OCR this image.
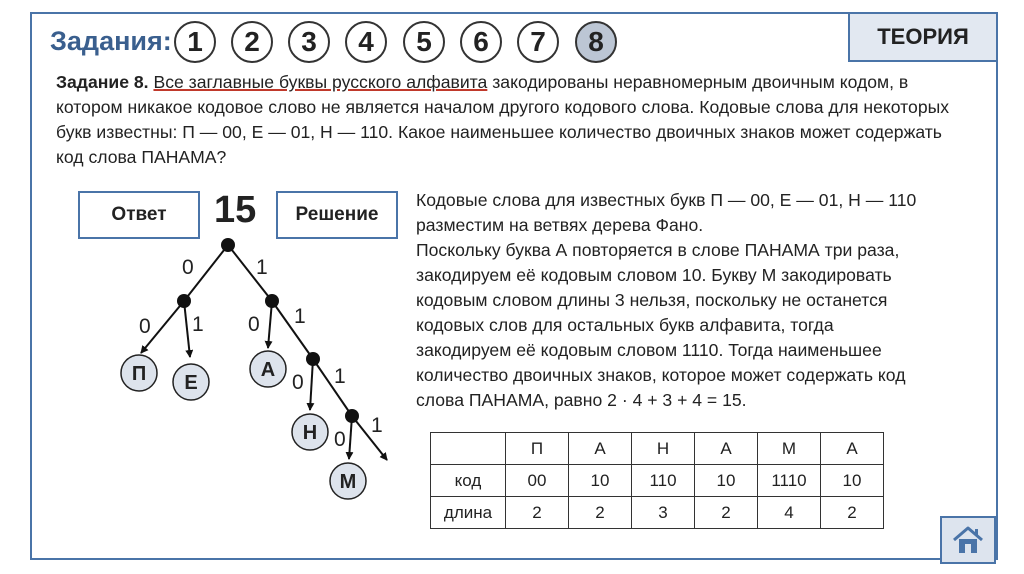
Задания: 1	2	3	4	5	6	7	8	ТЕОРИЯ
Задание 8. Все заглавные буквы русского алфавита закодированы неравномерным двоичным кодом, в котором никакое кодовое слово не является началом другого кодового слова. Кодовые слова для некоторых букв известны: П — 00, Е — 01, Н — 110. Какое наименьшее количество двоичных знаков может содержать код слова ПАНАМА?
Ответ	15	Решение
Кодовые слова для известных букв П — 00, Е — 01, Н — 110
разместим на ветвях дерева Фано.
Поскольку буква А повторяется в слове ПАНАМА три раза,
закодируем её кодовым словом 10. Букву М закодировать
кодовым словом длины 3 нельзя, поскольку не останется
кодовых слов для остальных букв алфавита, тогда
закодируем её кодовым словом 1110. Тогда наименьшее
количество двоичных знаков, которое может содержать код
слова ПАНАМА, равно 2 · 4 + 3 + 4 = 15.
0	1
0 1 0 1
0 1
0
1
П Е
А
Н
М
	П	А	Н	А	М	А
код	00	10	110	10	1110	10
длина	2	2	3	2	4	2
